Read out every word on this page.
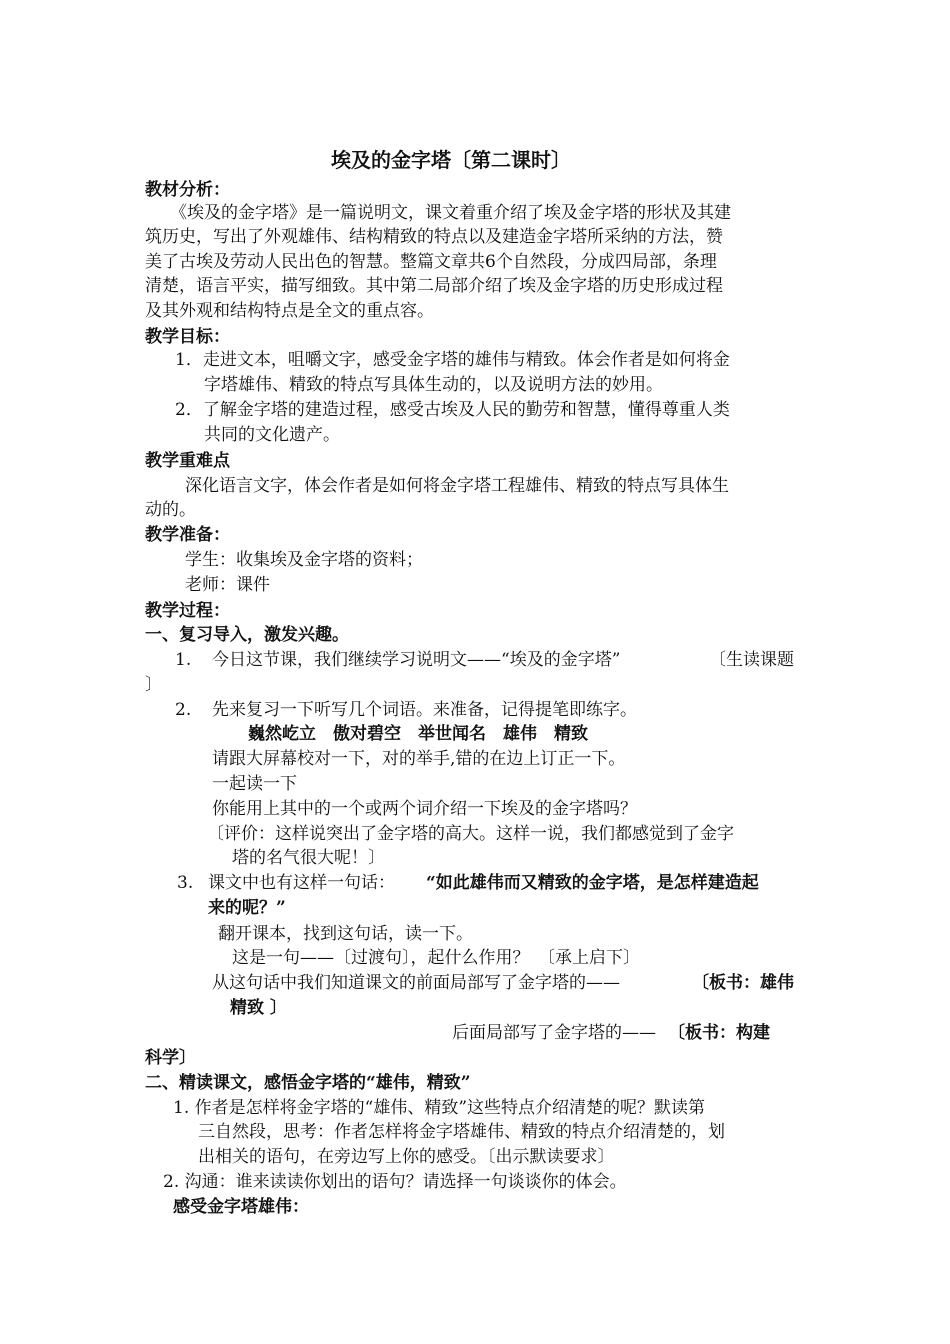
埃及的金字塔〔第二课时〕
教材分析：
《埃及的金字塔》是一篇说明文，课文着重介绍了埃及金字塔的形状及其建
筑历史，写出了外观雄伟、结构精致的特点以及建造金字塔所采纳的方法，赞
美了古埃及劳动人民出色的智慧。整篇文章共6个自然段，分成四局部，条理
清楚，语言平实，描写细致。其中第二局部介绍了埃及金字塔的历史形成过程
及其外观和结构特点是全文的重点容。
教学目标：
1．走进文本，咀嚼文字，感受金字塔的雄伟与精致。体会作者是如何将金
字塔雄伟、精致的特点写具体生动的，以及说明方法的妙用。
2．了解金字塔的建造过程，感受古埃及人民的勤劳和智慧，懂得尊重人类
共同的文化遗产。
教学重难点
深化语言文字，体会作者是如何将金字塔工程雄伟、精致的特点写具体生
动的。
教学准备：
学生：收集埃及金字塔的资料；
老师：课件
教学过程：
一、复习导入，激发兴趣。
1. 今日这节课，我们继续学习说明文——“埃及的金字塔”	〔生读课题
〕
2. 先来复习一下听写几个词语。来准备，记得提笔即练字。
巍然屹立　傲对碧空　举世闻名　雄伟　精致
请跟大屏幕校对一下，对的举手,错的在边上订正一下。
一起读一下
你能用上其中的一个或两个词介绍一下埃及的金字塔吗？
〔评价：这样说突出了金字塔的高大。这样一说，我们都感觉到了金字
塔的名气很大呢！〕
3. 课文中也有这样一句话： “如此雄伟而又精致的金字塔，是怎样建造起
来的呢？”
翻开课本，找到这句话，读一下。
这是一句——〔过渡句〕，起什么作用？　〔承上启下〕
从这句话中我们知道课文的前面局部写了金字塔的——	〔板书：雄伟
精致 〕
后面局部写了金字塔的—— 〔板书：构建
科学〕
二、精读课文，感悟金字塔的“雄伟，精致”
1. 作者是怎样将金字塔的“雄伟、精致”这些特点介绍清楚的呢？默读第
三自然段，思考：作者怎样将金字塔雄伟、精致的特点介绍清楚的，划
出相关的语句，在旁边写上你的感受。〔出示默读要求〕
2. 沟通：谁来读读你划出的语句？请选择一句谈谈你的体会。
感受金字塔雄伟：
